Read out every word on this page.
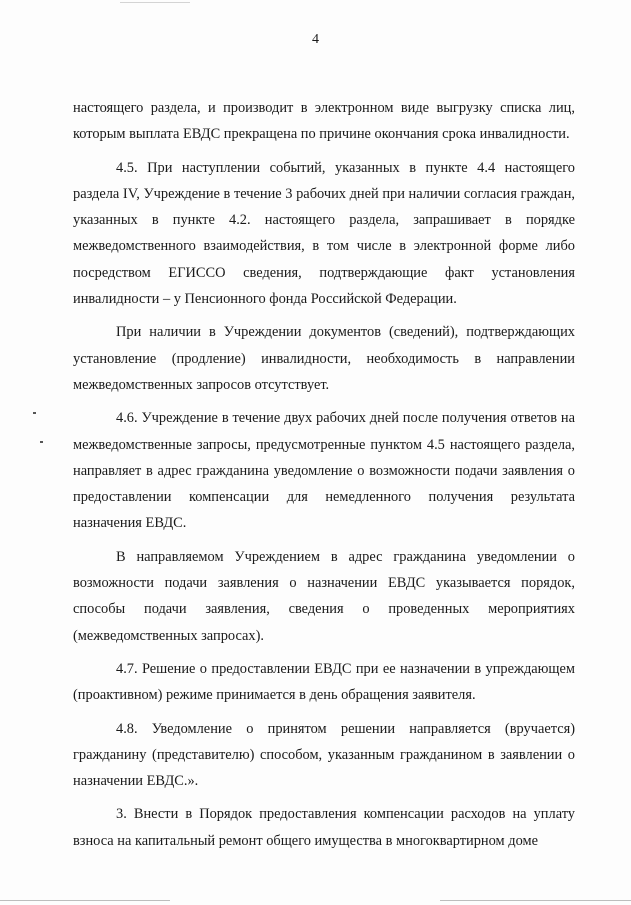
4

настоящего раздела, и производит в электронном виде выгрузку списка лиц, которым выплата ЕВДС прекращена по причине окончания срока инвалидности.

4.5. При наступлении событий, указанных в пункте 4.4 настоящего раздела IV, Учреждение в течение 3 рабочих дней при наличии согласия граждан, указанных в пункте 4.2. настоящего раздела, запрашивает в порядке межведомственного взаимодействия, в том числе в электронной форме либо посредством ЕГИССО сведения, подтверждающие факт установления инвалидности – у Пенсионного фонда Российской Федерации.

При наличии в Учреждении документов (сведений), подтверждающих установление (продление) инвалидности, необходимость в направлении межведомственных запросов отсутствует.

4.6. Учреждение в течение двух рабочих дней после получения ответов на межведомственные запросы, предусмотренные пунктом 4.5 настоящего раздела, направляет в адрес гражданина уведомление о возможности подачи заявления о предоставлении компенсации для немедленного получения результата назначения ЕВДС.

В направляемом Учреждением в адрес гражданина уведомлении о возможности подачи заявления о назначении ЕВДС указывается порядок, способы подачи заявления, сведения о проведенных мероприятиях (межведомственных запросах).

4.7. Решение о предоставлении ЕВДС при ее назначении в упреждающем (проактивном) режиме принимается в день обращения заявителя.

4.8. Уведомление о принятом решении направляется (вручается) гражданину (представителю) способом, указанным гражданином в заявлении о назначении ЕВДС.».

3. Внести в Порядок предоставления компенсации расходов на уплату взноса на капитальный ремонт общего имущества в многоквартирном доме
